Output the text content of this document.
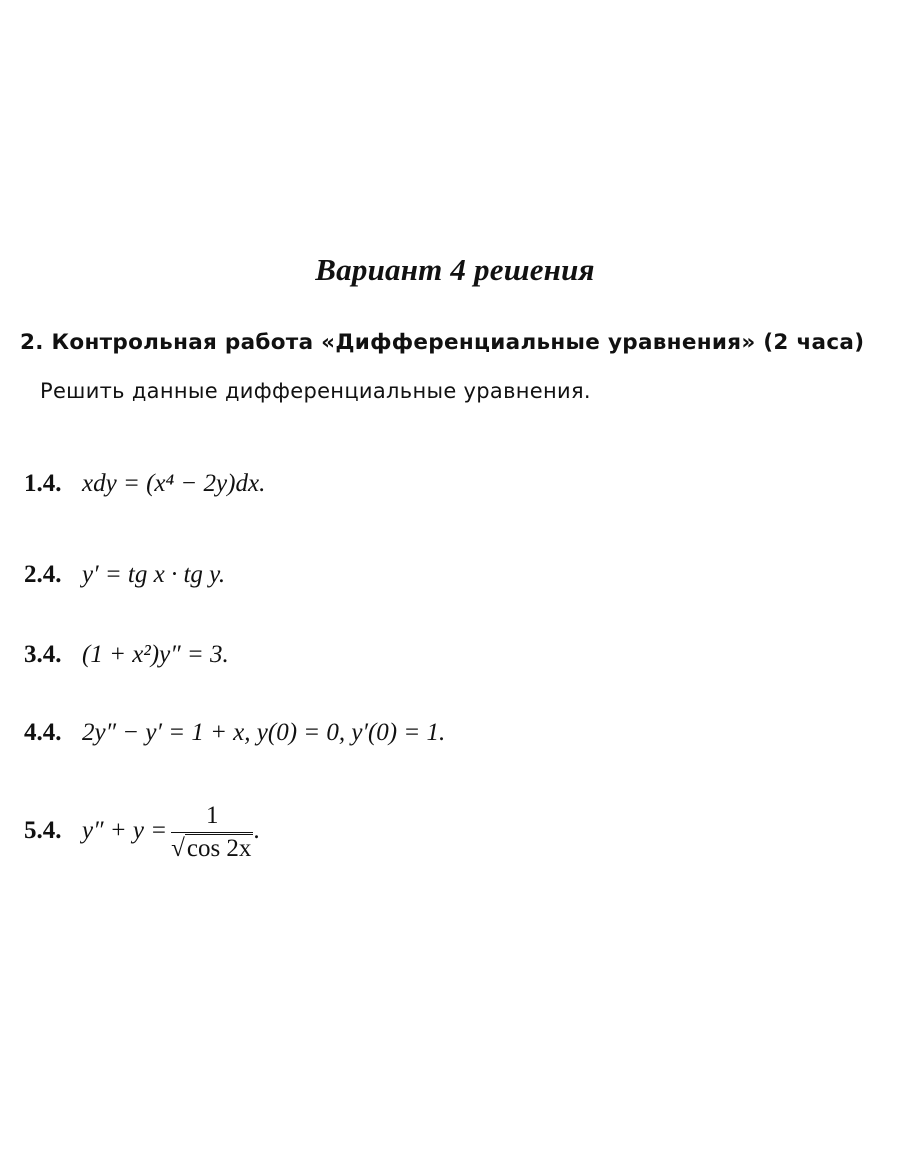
Вариант 4 решения
2. Контрольная работа «Дифференциальные уравнения» (2 часа)
Решить данные дифференциальные уравнения.
1.4. xdy = (x⁴ − 2y)dx.
2.4. y′ = tg x · tg y.
3.4. (1 + x²)y″ = 3.
4.4. 2y″ − y′ = 1 + x, y(0) = 0, y′(0) = 1.
5.4. $y'' + y = \frac{1}{√\cos 2x}$ .
